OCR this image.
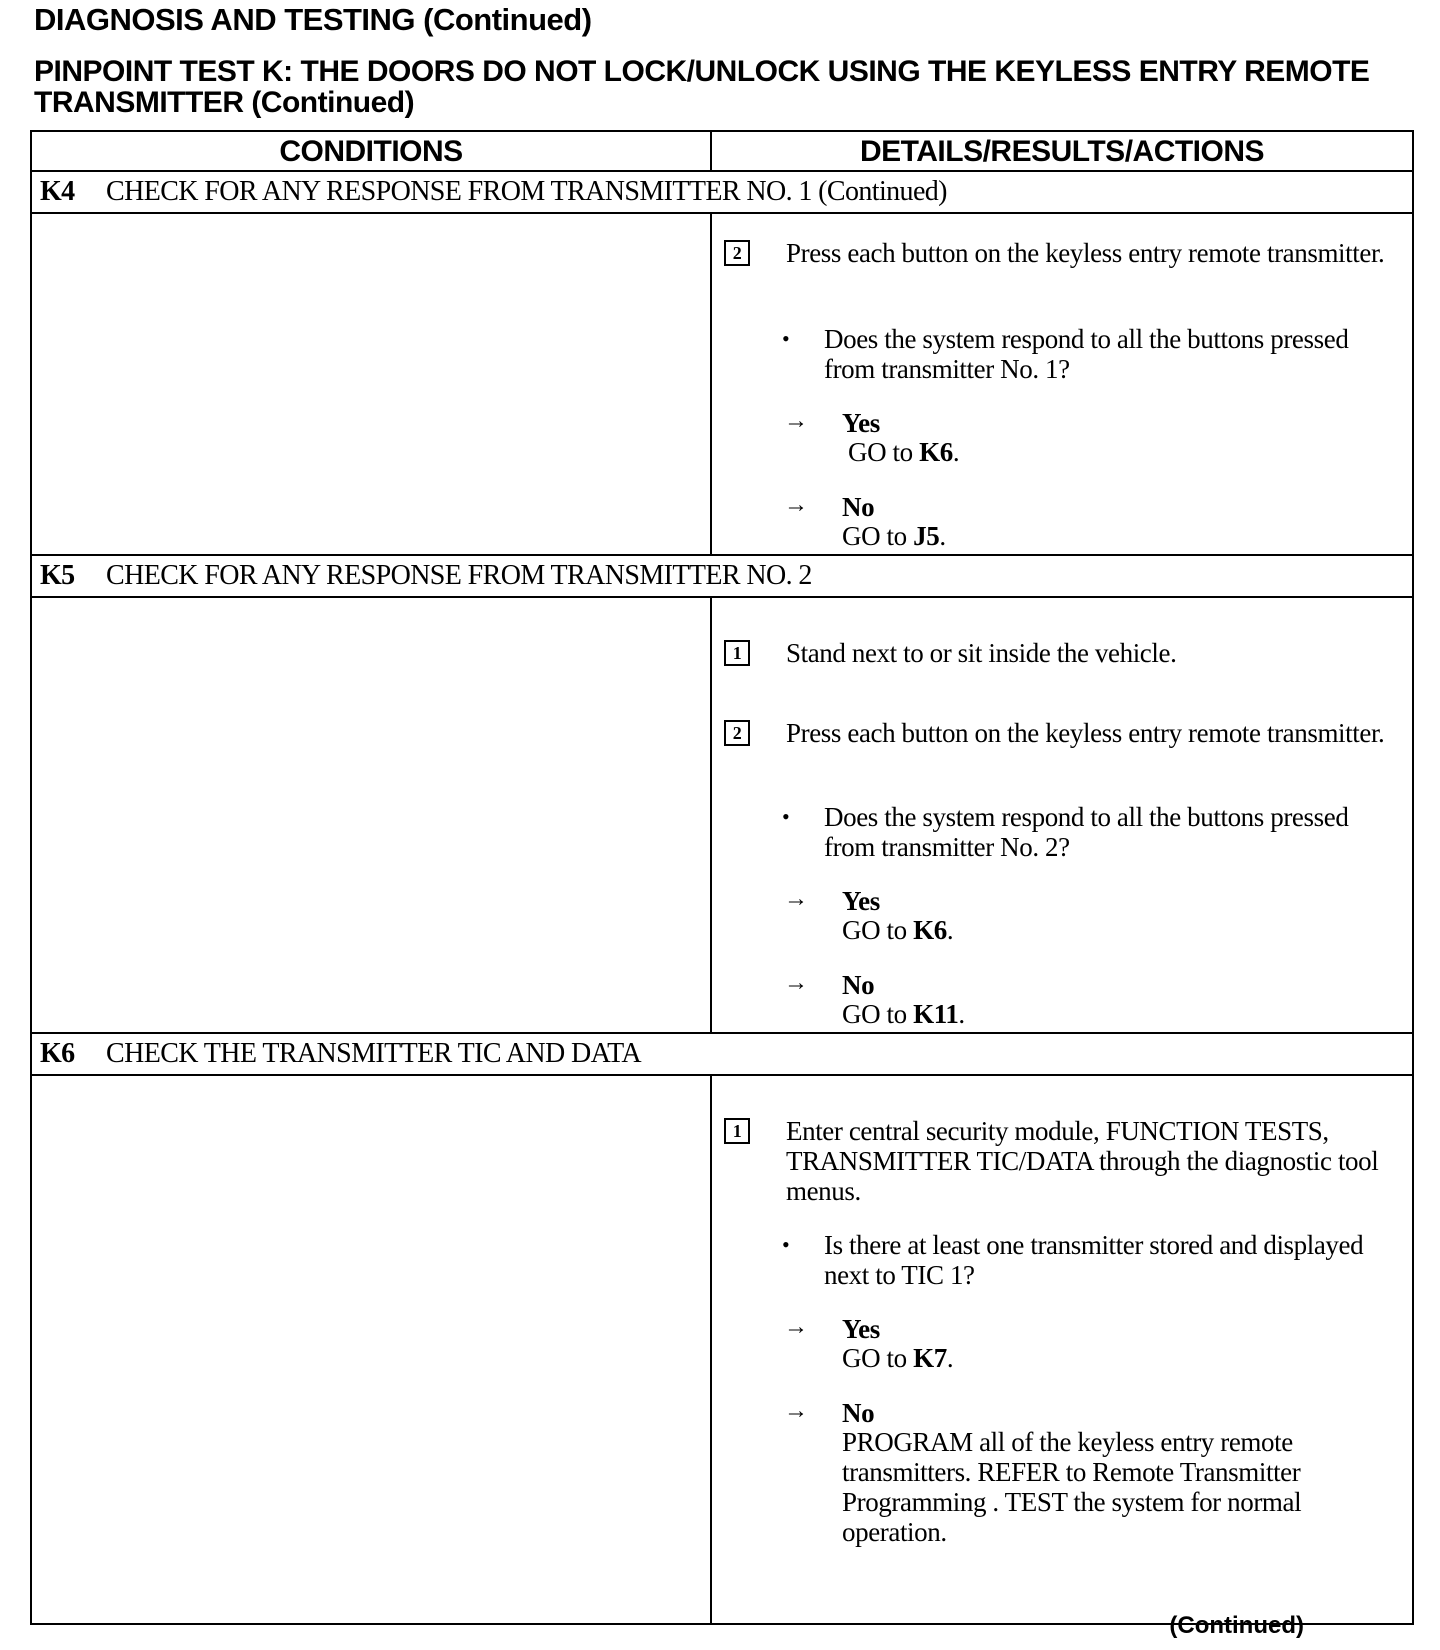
DIAGNOSIS AND TESTING (Continued)
PINPOINT TEST K: THE DOORS DO NOT LOCK/UNLOCK USING THE KEYLESS ENTRY REMOTE TRANSMITTER (Continued)
CONDITIONS	DETAILS/RESULTS/ACTIONS
K4 CHECK FOR ANY RESPONSE FROM TRANSMITTER NO. 1 (Continued)
2	Press each button on the keyless entry remote transmitter.
• Does the system respond to all the buttons pressed from transmitter No. 1?
→ Yes
GO to K6.
→ No
GO to J5.
K5 CHECK FOR ANY RESPONSE FROM TRANSMITTER NO. 2
1	Stand next to or sit inside the vehicle.
2	Press each button on the keyless entry remote transmitter.
• Does the system respond to all the buttons pressed from transmitter No. 2?
→ Yes
GO to K6.
→ No
GO to K11.
K6 CHECK THE TRANSMITTER TIC AND DATA
1	Enter central security module, FUNCTION TESTS, TRANSMITTER TIC/DATA through the diagnostic tool menus.
• Is there at least one transmitter stored and displayed next to TIC 1?
→ Yes
GO to K7.
→ No
PROGRAM all of the keyless entry remote transmitters. REFER to Remote Transmitter Programming . TEST the system for normal operation.
(Continued)
